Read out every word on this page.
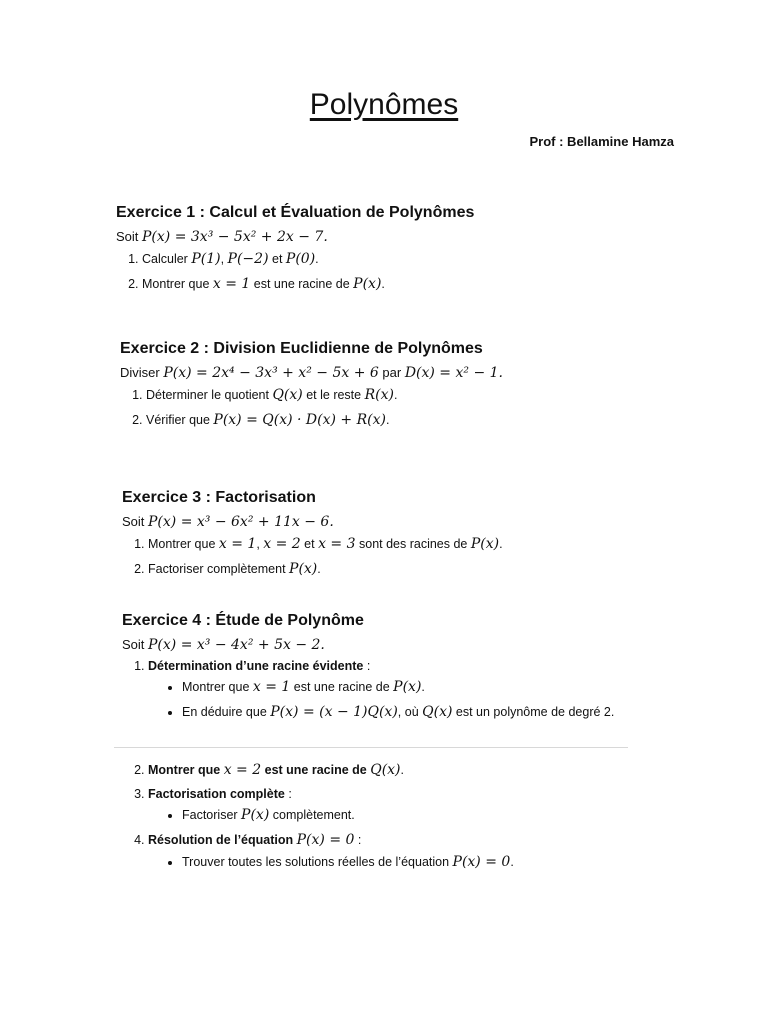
Polynômes
Prof : Bellamine Hamza
Exercice 1 : Calcul et Évaluation de Polynômes
Soit P(x) = 3x³ − 5x² + 2x − 7.
1. Calculer P(1), P(−2) et P(0).
2. Montrer que x = 1 est une racine de P(x).
Exercice 2 : Division Euclidienne de Polynômes
Diviser P(x) = 2x⁴ − 3x³ + x² − 5x + 6 par D(x) = x² − 1.
1. Déterminer le quotient Q(x) et le reste R(x).
2. Vérifier que P(x) = Q(x) · D(x) + R(x).
Exercice 3 : Factorisation
Soit P(x) = x³ − 6x² + 11x − 6.
1. Montrer que x = 1, x = 2 et x = 3 sont des racines de P(x).
2. Factoriser complètement P(x).
Exercice 4 : Étude de Polynôme
Soit P(x) = x³ − 4x² + 5x − 2.
1. Détermination d’une racine évidente :
• Montrer que x = 1 est une racine de P(x).
• En déduire que P(x) = (x − 1)Q(x), où Q(x) est un polynôme de degré 2.
2. Montrer que x = 2 est une racine de Q(x).
3. Factorisation complète :
• Factoriser P(x) complètement.
4. Résolution de l’équation P(x) = 0 :
• Trouver toutes les solutions réelles de l’équation P(x) = 0.
